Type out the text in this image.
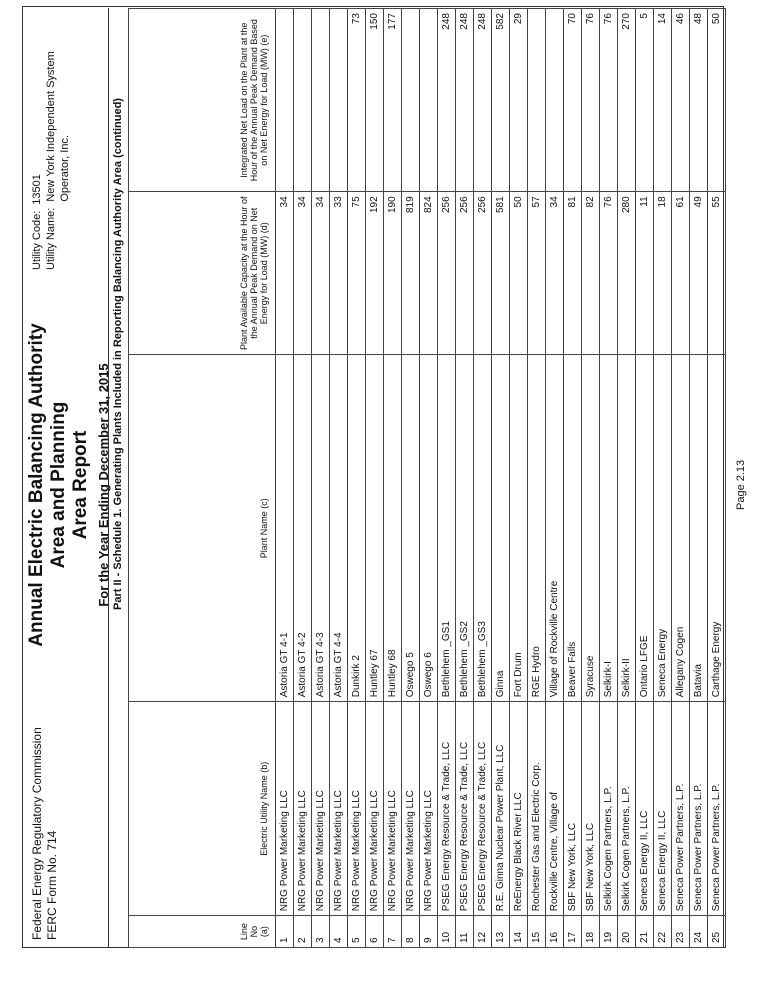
Federal Energy Regulatory Commission FERC Form No. 714
Annual Electric Balancing Authority Area and Planning Area Report For the Year Ending December 31, 2015
Utility Code:
13501
Utility Name:
New York Independent System Operator, Inc.	Part II - Schedule 1. Generating Plants Included in Reporting Balancing Authority Area (continued)
Line No (a)	Electric Utility Name (b)	Plant Name (c)	Plant Available Capacity at the Hour of the Annual Peak Demand on Net Energy for Load (MW) (d)	Integrated Net Load on the Plant at the Hour of the Annual Peak Demand Based on Net Energy for Load (MW) (e)
1	NRG Power Marketing LLC	Astoria GT 4-1	34	
2	NRG Power Marketing LLC	Astoria GT 4-2	34	
3	NRG Power Marketing LLC	Astoria GT 4-3	34	
4	NRG Power Marketing LLC	Astoria GT 4-4	33	
5	NRG Power Marketing LLC	Dunkirk 2	75	73
6	NRG Power Marketing LLC	Huntley 67	192	150
7	NRG Power Marketing LLC	Huntley 68	190	177
8	NRG Power Marketing LLC	Oswego 5	819	
9	NRG Power Marketing LLC	Oswego 6	824	
10	PSEG Energy Resource & Trade, LLC	Bethlehem _GS1	256	248
11	PSEG Energy Resource & Trade, LLC	Bethlehem _GS2	256	248
12	PSEG Energy Resource & Trade, LLC	Bethlehem _GS3	256	248
13	R.E. Ginna Nuclear Power Plant, LLC	Ginna	581	582
14	ReEnergy Black River LLC	Fort Drum	50	29
15	Rochester Gas and Electric Corp.	RGE Hydro	57	
16	Rockville Centre, Village of	Village of Rockville Centre	34	
17	SBF New York, LLC	Beaver Falls	81	70
18	SBF New York, LLC	Syracuse	82	76
19	Selkirk Cogen Partners, L.P.	Selkirk-I	76	76
20	Selkirk Cogen Partners, L.P.	Selkirk-II	280	270
21	Seneca Energy II, LLC	Ontario LFGE	11	5
22	Seneca Energy II, LLC	Seneca Energy	18	14
23	Seneca Power Partners, L.P.	Allegany Cogen	61	46
24	Seneca Power Partners, L.P.	Batavia	49	48
25	Seneca Power Partners, L.P.	Carthage Energy	55	50
Page 2.13
